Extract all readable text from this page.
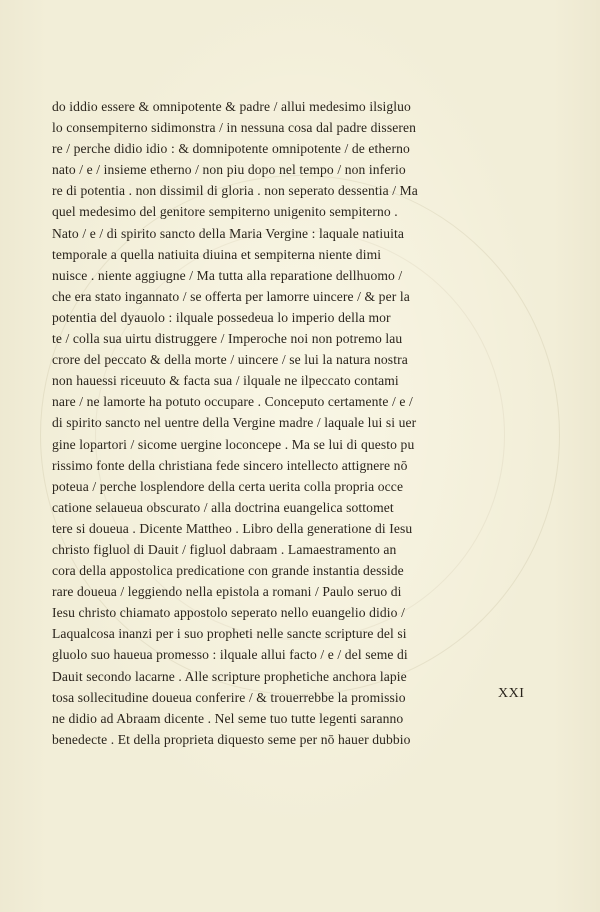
do iddio essere & omnipotente & padre / allui medesimo ilsigluo
lo consempiterno sidimonstra / in nessuna cosa dal padre disseren
re / perche didio idio : & domnipotente omnipotente / de etherno
nato / e / insieme etherno / non piu dopo nel tempo / non inferio
re di potentia . non dissimil di gloria . non seperato dessentia / Ma
quel medesimo del genitore sempiterno unigenito sempiterno .
Nato / e / di spirito sancto della Maria Vergine : laquale natiuita
temporale a quella natiuita diuina et sempiterna niente dimi
nuisce . niente aggiugne / Ma tutta alla reparatione dellhuomo /
che era stato ingannato / se offerta per lamorre uincere / & per la
potentia del dyauolo : ilquale possedeua lo imperio della mor
te / colla sua uirtu distruggere / Imperoche noi non potremo lau
crore del peccato & della morte / uincere / se lui la natura nostra
non hauessi riceuuto & facta sua / ilquale ne ilpeccato contami
nare / ne lamorte ha potuto occupare . Conceputo certamente / e /
di spirito sancto nel uentre della Vergine madre / laquale lui si uer
gine lopartori / sicome uergine loconcepe . Ma se lui di questo pu
rissimo fonte della christiana fede sincero intellecto attignere nō
poteua / perche losplendore della certa uerita colla propria occe
catione selaueua obscurato / alla doctrina euangelica sottomet
tere si doueua . Dicente Mattheo . Libro della generatione di Iesu
christo figluol di Dauit / figluol dabraam . Lamaestramento an
cora della appostolica predicatione con grande instantia desside
rare doueua / leggiendo nella epistola a romani / Paulo seruo di
Iesu christo chiamato appostolo seperato nello euangelio didio /
Laqualcosa inanzi per i suo propheti nelle sancte scripture del si
gluolo suo haueua promesso : ilquale allui facto / e / del seme di
Dauit secondo lacarne . Alle scripture prophetiche anchora lapie
tosa sollecitudine doueua conferire / & trouerrebbe la promissio
ne didio ad Abraam dicente . Nel seme tuo tutte legenti saranno
benedecte . Et della proprieta diquesto seme per nō hauer dubbio
XXI
